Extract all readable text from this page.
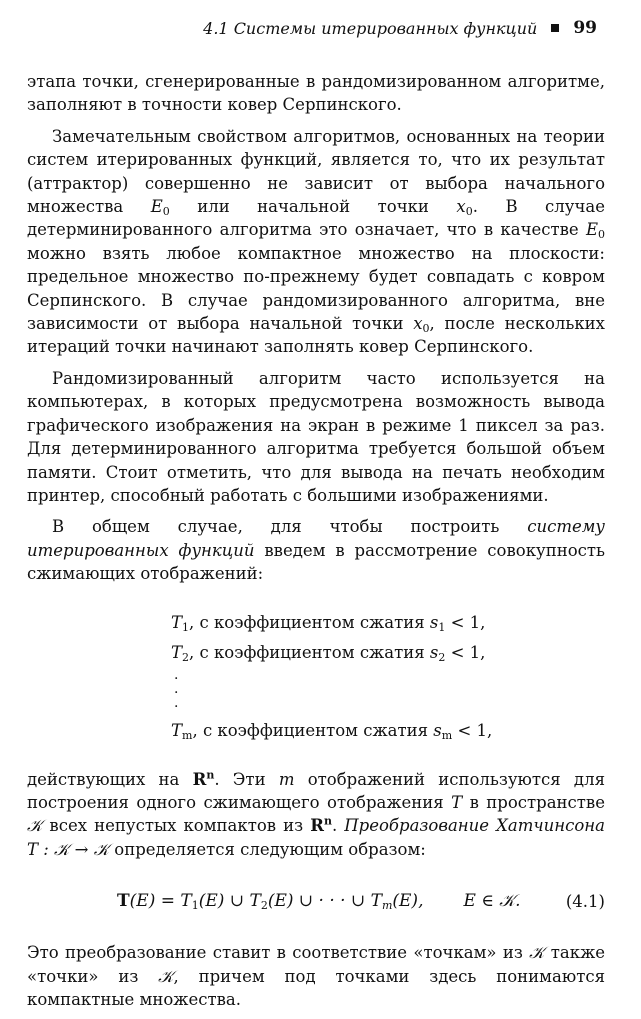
4.1 Системы итерированных функций 99

этапа точки, сгенерированные в рандомизированном алгоритме, заполняют в точности ковер Серпинского.

Замечательным свойством алгоритмов, основанных на теории систем итерированных функций, является то, что их результат (аттрактор) совершенно не зависит от выбора начального множества $E_0$ или начальной точки $x_0$. В случае детерминированного алгоритма это означает, что в качестве $E_0$ можно взять любое компактное множество на плоскости: предельное множество по-прежнему будет совпадать с ковром Серпинского. В случае рандомизированного алгоритма, вне зависимости от выбора начальной точки $x_0$, после нескольких итераций точки начинают заполнять ковер Серпинского.

Рандомизированный алгоритм часто используется на компьютерах, в которых предусмотрена возможность вывода графического изображения на экран в режиме 1 пиксел за раз. Для детерминированного алгоритма требуется большой объем памяти. Стоит отметить, что для вывода на печать необходим принтер, способный работать с большими изображениями.

В общем случае, для чтобы построить систему итерированных функций введем в рассмотрение совокупность сжимающих отображений:

$T_1$, с коэффициентом сжатия $s_1 < 1$,
$T_2$, с коэффициентом сжатия $s_2 < 1$,
·
·
·
$T_m$, с коэффициентом сжатия $s_m < 1$,

действующих на $R^n$. Эти m отображений используются для построения одного сжимающего отображения T в пространстве 𝒦 всех непустых компактов из $R^n$. Преобразование Хатчинсона T : 𝒦 → 𝒦 определяется следующим образом:

$T(E) = T_1(E)$ ∪ $T_2(E)$ ∪ · · · ∪ $T_m(E)$, E ∈ 𝒦.	(4.1)

Это преобразование ставит в соответствие «точкам» из 𝒦 также «точки» из 𝒦, причем под точками здесь понимаются компактные множества.
